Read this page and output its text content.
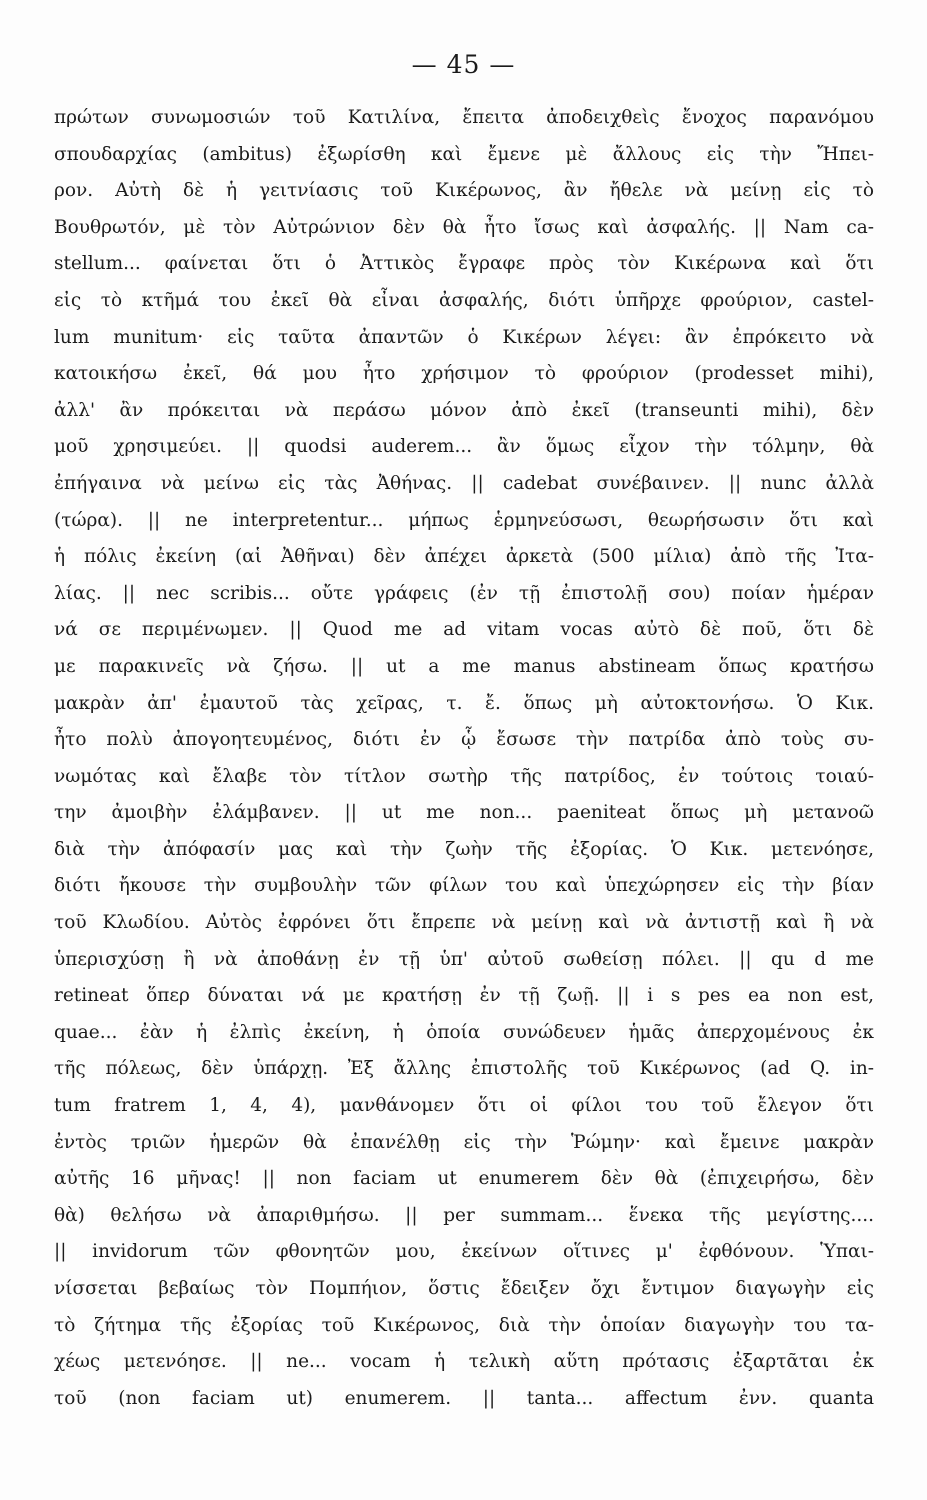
— 45 —
πρώτων συνωμοσιών τοῦ Κατιλίνα, ἔπειτα ἀποδειχθεὶς ἔνοχος παρανόμου
σπουδαρχίας (ambitus) ἐξωρίσθη καὶ ἔμενε μὲ ἄλλους εἰς τὴν Ἤπει-
ρον. Αὐτὴ δὲ ἡ γειτνίασις τοῦ Κικέρωνος, ἂν ἤθελε νὰ μείνῃ εἰς τὸ
Βουθρωτόν, μὲ τὸν Αὐτρώνιον δὲν θὰ ἦτο ἴσως καὶ ἀσφαλής. || Nam ca-
stellum... φαίνεται ὅτι ὁ Ἀττικὸς ἔγραφε πρὸς τὸν Κικέρωνα καὶ ὅτι
εἰς τὸ κτῆμά του ἐκεῖ θὰ εἶναι ἀσφαλής, διότι ὑπῆρχε φρούριον, castel-
lum munitum· εἰς ταῦτα ἀπαντῶν ὁ Κικέρων λέγει: ἂν ἐπρόκειτο νὰ
κατοικήσω ἐκεῖ, θά μου ἦτο χρήσιμον τὸ φρούριον (prodesset mihi),
ἀλλ' ἂν πρόκειται νὰ περάσω μόνον ἀπὸ ἐκεῖ (transeunti mihi), δὲν
μοῦ χρησιμεύει. || quodsi auderem... ἂν ὅμως εἶχον τὴν τόλμην, θὰ
ἐπήγαινα νὰ μείνω εἰς τὰς Ἀθήνας. || cadebat συνέβαινεν. || nunc ἀλλὰ
(τώρα). || ne interpretentur... μήπως ἑρμηνεύσωσι, θεωρήσωσιν ὅτι καὶ
ἡ πόλις ἐκείνη (αἱ Ἀθῆναι) δὲν ἀπέχει ἀρκετὰ (500 μίλια) ἀπὸ τῆς Ἰτα-
λίας. || nec scribis... οὔτε γράφεις (ἐν τῇ ἐπιστολῇ σου) ποίαν ἡμέραν
νά σε περιμένωμεν. || Quod me ad vitam vocas αὐτὸ δὲ ποῦ, ὅτι δὲ
με παρακινεῖς νὰ ζήσω. || ut a me manus abstineam ὅπως κρατήσω
μακρὰν ἀπ' ἐμαυτοῦ τὰς χεῖρας, τ. ἔ. ὅπως μὴ αὐτοκτονήσω. Ὁ Κικ.
ἦτο πολὺ ἀπογοητευμένος, διότι ἐν ᾧ ἔσωσε τὴν πατρίδα ἀπὸ τοὺς συ-
νωμότας καὶ ἔλαβε τὸν τίτλον σωτὴρ τῆς πατρίδος, ἐν τούτοις τοιαύ-
την ἀμοιβὴν ἐλάμβανεν. || ut me non... paeniteat ὅπως μὴ μετανοῶ
διὰ τὴν ἀπόφασίν μας καὶ τὴν ζωὴν τῆς ἐξορίας. Ὁ Κικ. μετενόησε,
διότι ἤκουσε τὴν συμβουλὴν τῶν φίλων του καὶ ὑπεχώρησεν εἰς τὴν βίαν
τοῦ Κλωδίου. Αὐτὸς ἐφρόνει ὅτι ἔπρεπε νὰ μείνῃ καὶ νὰ ἀντιστῇ καὶ ἢ νὰ
ὑπερισχύσῃ ἢ νὰ ἀποθάνῃ ἐν τῇ ὑπ' αὐτοῦ σωθείσῃ πόλει. || qu d me
retineat ὅπερ δύναται νά με κρατήσῃ ἐν τῇ ζωῇ. || i s pes ea non est,
quae... ἐὰν ἡ ἐλπὶς ἐκείνη, ἡ ὁποία συνώδευεν ἡμᾶς ἀπερχομένους ἐκ
τῆς πόλεως, δὲν ὑπάρχῃ. Ἐξ ἄλλης ἐπιστολῆς τοῦ Κικέρωνος (ad Q. in-
tum fratrem 1, 4, 4), μανθάνομεν ὅτι οἱ φίλοι του τοῦ ἔλεγον ὅτι
ἐντὸς τριῶν ἡμερῶν θὰ ἐπανέλθῃ εἰς τὴν Ῥώμην· καὶ ἔμεινε μακρὰν
αὐτῆς 16 μῆνας! || non faciam ut enumerem δὲν θὰ (ἐπιχειρήσω, δὲν
θὰ) θελήσω νὰ ἀπαριθμήσω. || per summam... ἕνεκα τῆς μεγίστης....
|| invidorum τῶν φθονητῶν μου, ἐκείνων οἵτινες μ' ἐφθόνουν. Ὑπαι-
νίσσεται βεβαίως τὸν Πομπήιον, ὅστις ἔδειξεν ὄχι ἔντιμον διαγωγὴν εἰς
τὸ ζήτημα τῆς ἐξορίας τοῦ Κικέρωνος, διὰ τὴν ὁποίαν διαγωγὴν του τα-
χέως μετενόησε. || ne... vocam ἡ τελικὴ αὕτη πρότασις ἐξαρτᾶται ἐκ
τοῦ (non faciam ut) enumerem. || tanta... affectum ἐνν. quanta
